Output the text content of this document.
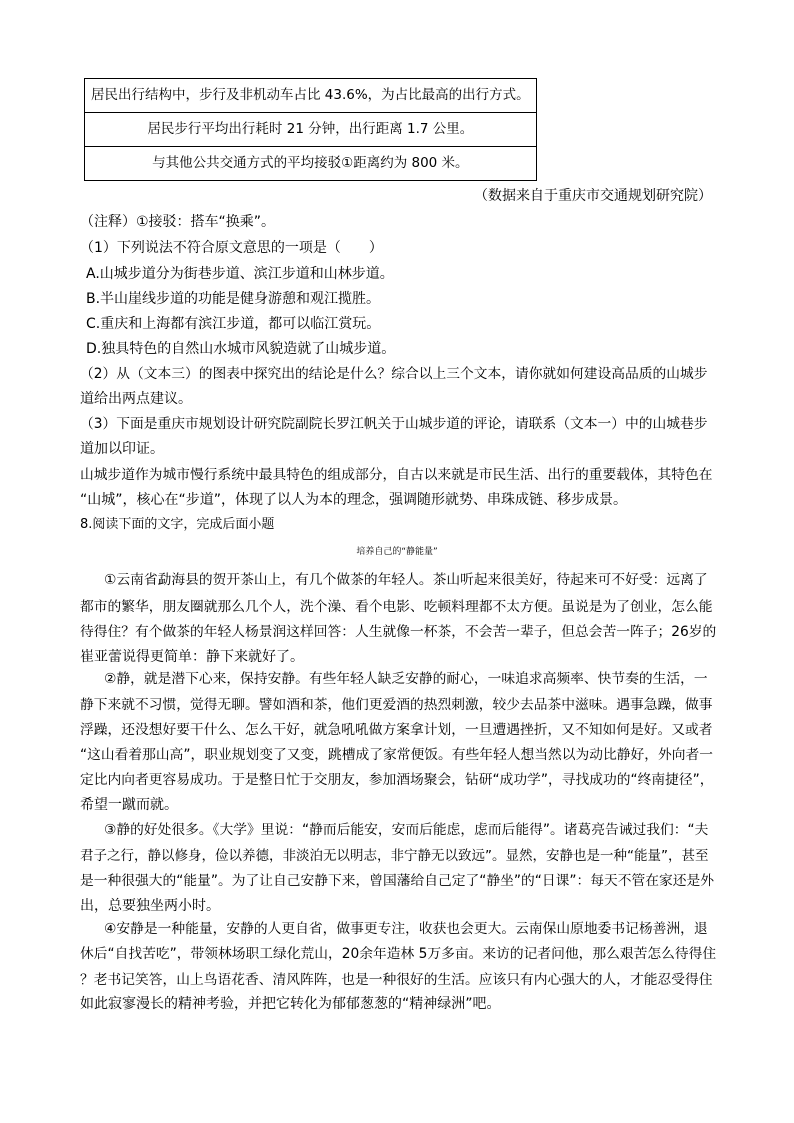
居民出行结构中，步行及非机动车占比 43.6%，为占比最高的出行方式。
居民步行平均出行耗时 21 分钟，出行距离 1.7 公里。
与其他公共交通方式的平均接驳①距离约为 800 米。
（数据来自于重庆市交通规划研究院）
（注释）①接驳：搭车“换乘”。
（1）下列说法不符合原文意思的一项是（　　）
A.山城步道分为街巷步道、滨江步道和山林步道。
B.半山崖线步道的功能是健身游憩和观江揽胜。
C.重庆和上海都有滨江步道，都可以临江赏玩。
D.独具特色的自然山水城市风貌造就了山城步道。
（2）从（文本三）的图表中探究出的结论是什么？综合以上三个文本，请你就如何建设高品质的山城步
道给出两点建议。
（3）下面是重庆市规划设计研究院副院长罗江帆关于山城步道的评论，请联系（文本一）中的山城巷步
道加以印证。
山城步道作为城市慢行系统中最具特色的组成部分，自古以来就是市民生活、出行的重要载体，其特色在
“山城”，核心在“步道”，体现了以人为本的理念，强调随形就势、串珠成链、移步成景。
8.阅读下面的文字，完成后面小题
培养自己的“静能量”
①云南省勐海县的贺开茶山上，有几个做茶的年轻人。茶山听起来很美好，待起来可不好受：远离了
都市的繁华，朋友圈就那么几个人，洗个澡、看个电影、吃顿料理都不太方便。虽说是为了创业，怎么能
待得住？有个做茶的年轻人杨景润这样回答：人生就像一杯茶，不会苦一辈子，但总会苦一阵子；26岁的
崔亚蕾说得更简单：静下来就好了。
②静，就是潜下心来，保持安静。有些年轻人缺乏安静的耐心，一味追求高频率、快节奏的生活，一
静下来就不习惯，觉得无聊。譬如酒和茶，他们更爱酒的热烈刺激，较少去品茶中滋味。遇事急躁，做事
浮躁，还没想好要干什么、怎么干好，就急吼吼做方案拿计划，一旦遭遇挫折，又不知如何是好。又或者
“这山看着那山高”，职业规划变了又变，跳槽成了家常便饭。有些年轻人想当然以为动比静好，外向者一
定比内向者更容易成功。于是整日忙于交朋友，参加酒场聚会，钻研“成功学”，寻找成功的“终南捷径”，
希望一蹴而就。
③静的好处很多。《大学》里说：“静而后能安，安而后能虑，虑而后能得”。诸葛亮告诫过我们：“夫
君子之行，静以修身，俭以养德，非淡泊无以明志，非宁静无以致远”。显然，安静也是一种“能量”，甚至
是一种很强大的“能量”。为了让自己安静下来，曾国藩给自己定了“静坐”的“日课”：每天不管在家还是外
出，总要独坐两小时。
④安静是一种能量，安静的人更自省，做事更专注，收获也会更大。云南保山原地委书记杨善洲，退
休后“自找苦吃”，带领林场职工绿化荒山，20余年造林 5万多亩。来访的记者问他，那么艰苦怎么待得住
？老书记笑答，山上鸟语花香、清风阵阵，也是一种很好的生活。应该只有内心强大的人，才能忍受得住
如此寂寥漫长的精神考验，并把它转化为郁郁葱葱的“精神绿洲”吧。
